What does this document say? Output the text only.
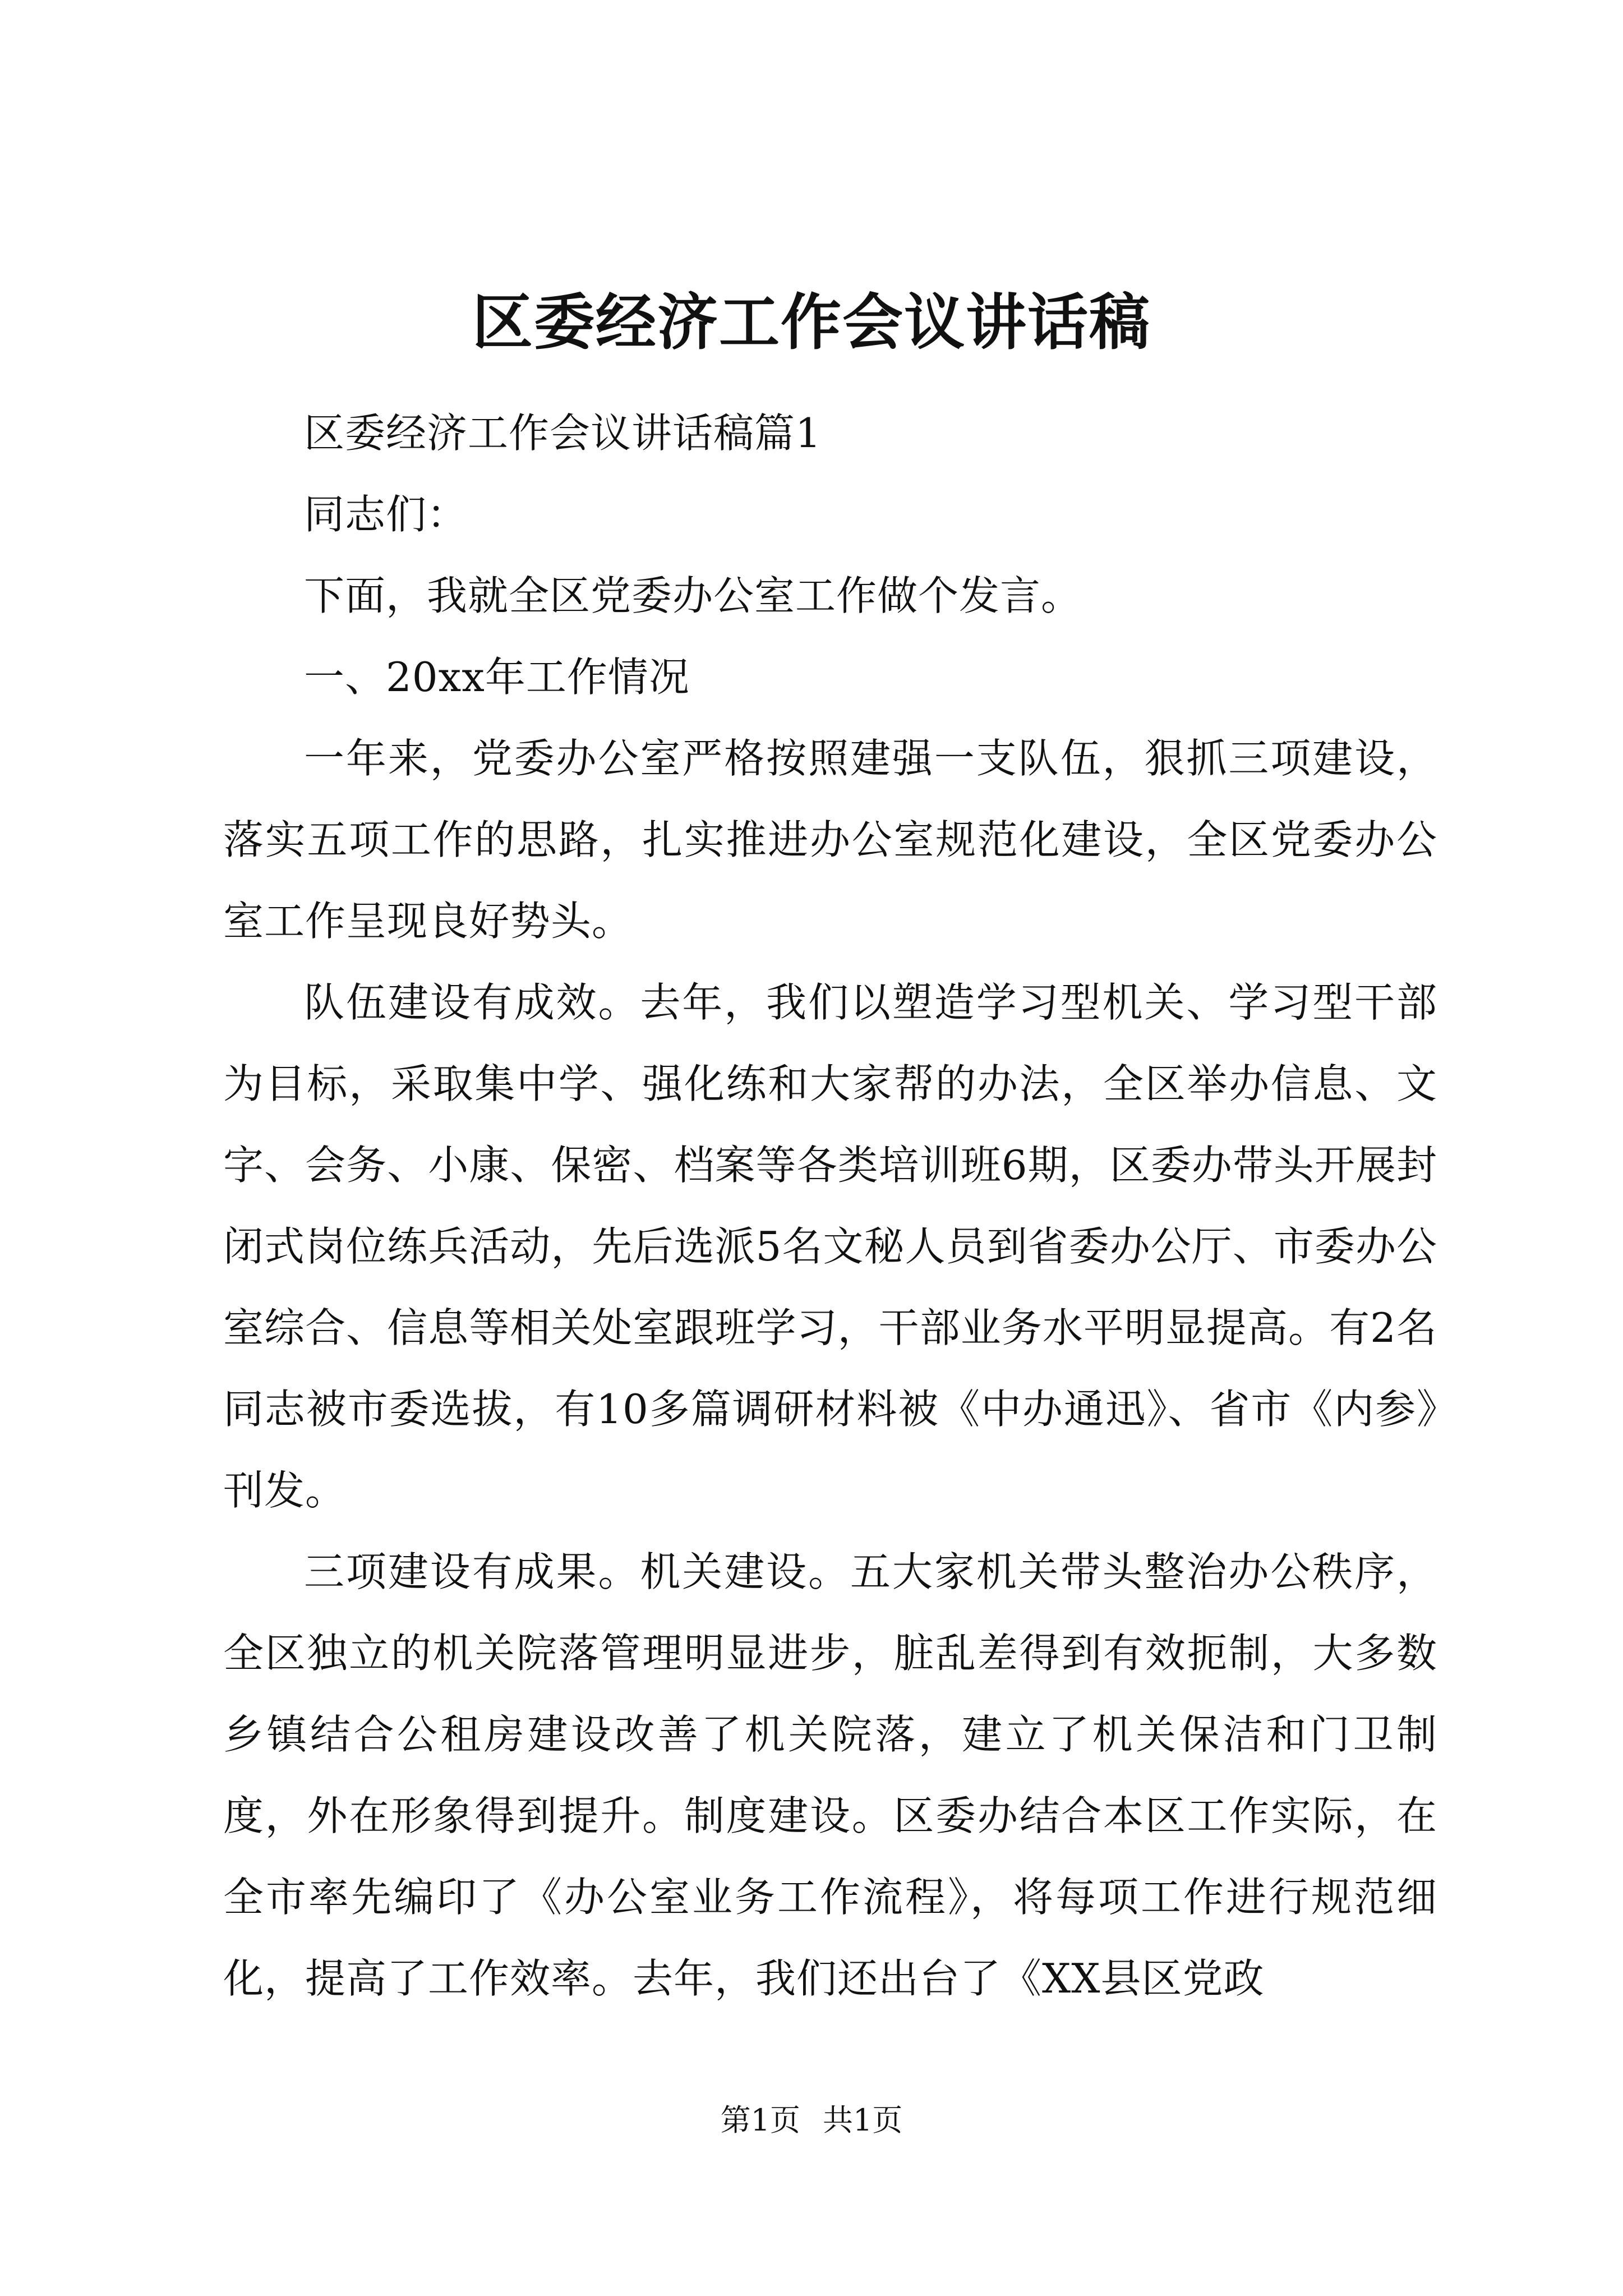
区委经济工作会议讲话稿

区委经济工作会议讲话稿篇1

同志们：

下面，我就全区党委办公室工作做个发言。

一、20xx年工作情况

一年来，党委办公室严格按照建强一支队伍，狠抓三项建设，落实五项工作的思路，扎实推进办公室规范化建设，全区党委办公室工作呈现良好势头。

队伍建设有成效。去年，我们以塑造学习型机关、学习型干部为目标，采取集中学、强化练和大家帮的办法，全区举办信息、文字、会务、小康、保密、档案等各类培训班6期，区委办带头开展封闭式岗位练兵活动，先后选派5名文秘人员到省委办公厅、市委办公室综合、信息等相关处室跟班学习，干部业务水平明显提高。有2名同志被市委选拔，有10多篇调研材料被《中办通迅》、省市《内参》刊发。

三项建设有成果。机关建设。五大家机关带头整治办公秩序，全区独立的机关院落管理明显进步，脏乱差得到有效扼制，大多数乡镇结合公租房建设改善了机关院落，建立了机关保洁和门卫制度，外在形象得到提升。制度建设。区委办结合本区工作实际，在全市率先编印了《办公室业务工作流程》，将每项工作进行规范细化，提高了工作效率。去年，我们还出台了《XX县区党政

第1页 共1页
